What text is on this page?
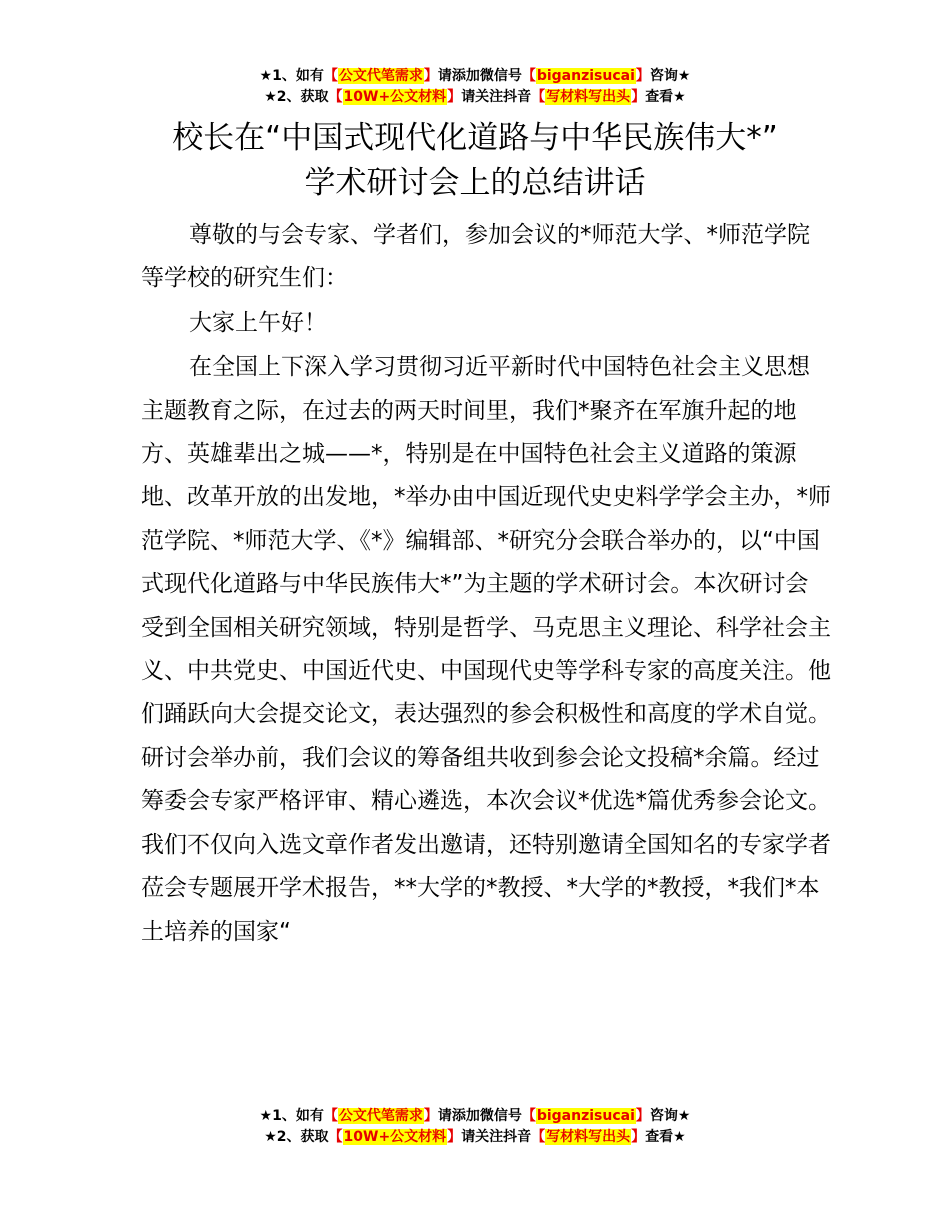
★1、如有【公文代笔需求】请添加微信号【biganzisucai】咨询★
★2、获取【10W+公文材料】请关注抖音【写材料写出头】查看★
校长在“中国式现代化道路与中华民族伟大*”
学术研讨会上的总结讲话

尊敬的与会专家、学者们，参加会议的*师范大学、*师范学院等学校的研究生们：

大家上午好！

在全国上下深入学习贯彻习近平新时代中国特色社会主义思想主题教育之际，在过去的两天时间里，我们*聚齐在军旗升起的地方、英雄辈出之城——*，特别是在中国特色社会主义道路的策源地、改革开放的出发地，*举办由中国近现代史史料学学会主办，*师范学院、*师范大学、《*》编辑部、*研究分会联合举办的，以“中国式现代化道路与中华民族伟大*”为主题的学术研讨会。本次研讨会受到全国相关研究领域，特别是哲学、马克思主义理论、科学社会主义、中共党史、中国近代史、中国现代史等学科专家的高度关注。他们踊跃向大会提交论文，表达强烈的参会积极性和高度的学术自觉。研讨会举办前，我们会议的筹备组共收到参会论文投稿*余篇。经过筹委会专家严格评审、精心遴选，本次会议*优选*篇优秀参会论文。我们不仅向入选文章作者发出邀请，还特别邀请全国知名的专家学者莅会专题展开学术报告，**大学的*教授、*大学的*教授，*我们*本土培养的国家“

★1、如有【公文代笔需求】请添加微信号【biganzisucai】咨询★
★2、获取【10W+公文材料】请关注抖音【写材料写出头】查看★
